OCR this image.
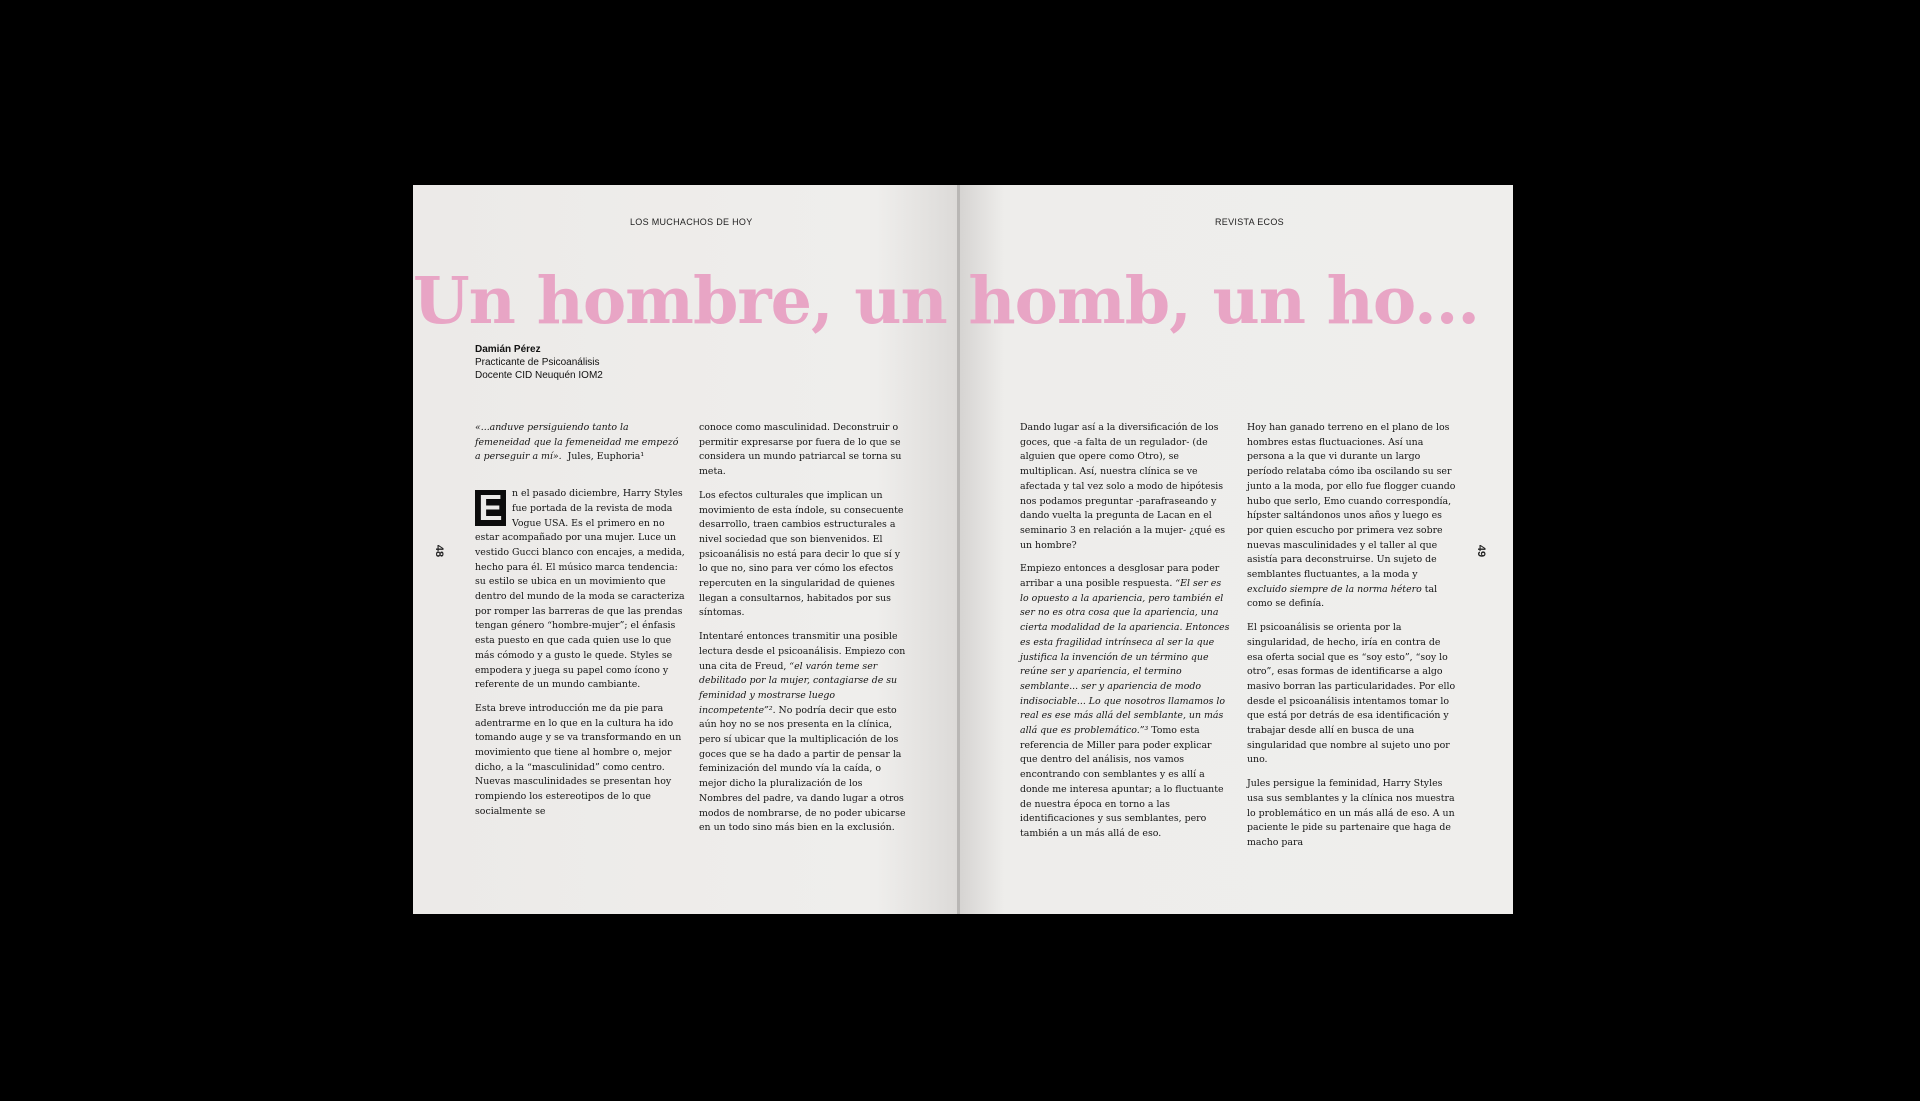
LOS MUCHACHOS DE HOY
Damián Pérez
Practicante de Psicoanálisis
Docente CID Neuquén IOM2
48

«...anduve persiguiendo tanto la femeneidad que la femeneidad me empezó a perseguir a mí». Jules, Euphoria¹

E	n el pasado diciembre, Harry Styles fue portada de la revista de moda Vogue USA. Es el primero en no estar acompañado por una mujer. Luce un vestido Gucci blanco con encajes, a medida, hecho para él. El músico marca tendencia: su estilo se ubica en un movimiento que dentro del mundo de la moda se caracteriza por romper las barreras de que las prendas tengan género “hombre-mujer”; el énfasis esta puesto en que cada quien use lo que más cómodo y a gusto le quede. Styles se empodera y juega su papel como ícono y referente de un mundo cambiante.

Esta breve introducción me da pie para adentrarme en lo que en la cultura ha ido tomando auge y se va transformando en un movimiento que tiene al hombre o, mejor dicho, a la “masculinidad” como centro. Nuevas masculinidades se presentan hoy rompiendo los estereotipos de lo que socialmente se

conoce como masculinidad. Deconstruir o permitir expresarse por fuera de lo que se considera un mundo patriarcal se torna su meta.

Los efectos culturales que implican un movimiento de esta índole, su consecuente desarrollo, traen cambios estructurales a nivel sociedad que son bienvenidos. El psicoanálisis no está para decir lo que sí y lo que no, sino para ver cómo los efectos repercuten en la singularidad de quienes llegan a consultarnos, habitados por sus síntomas.

Intentaré entonces transmitir una posible lectura desde el psicoanálisis. Empiezo con una cita de Freud, “el varón teme ser debilitado por la mujer, contagiarse de su feminidad y mostrarse luego incompetente”². No podría decir que esto aún hoy no se nos presenta en la clínica, pero sí ubicar que la multiplicación de los goces que se ha dado a partir de pensar la feminización del mundo vía la caída, o mejor dicho la pluralización de los Nombres del padre, va dando lugar a otros modos de nombrarse, de no poder ubicarse en un todo sino más bien en la exclusión.

REVISTA ECOS
49

Dando lugar así a la diversificación de los goces, que -a falta de un regulador- (de alguien que opere como Otro), se multiplican. Así, nuestra clínica se ve afectada y tal vez solo a modo de hipótesis nos podamos preguntar -parafraseando y dando vuelta la pregunta de Lacan en el seminario 3 en relación a la mujer- ¿qué es un hombre?

Empiezo entonces a desglosar para poder arribar a una posible respuesta. “El ser es lo opuesto a la apariencia, pero también el ser no es otra cosa que la apariencia, una cierta modalidad de la apariencia. Entonces es esta fragilidad intrínseca al ser la que justifica la invención de un término que reúne ser y apariencia, el termino semblante... ser y apariencia de modo indisociable... Lo que nosotros llamamos lo real es ese más allá del semblante, un más allá que es problemático.”³ Tomo esta referencia de Miller para poder explicar que dentro del análisis, nos vamos encontrando con semblantes y es allí a donde me interesa apuntar; a lo fluctuante de nuestra época en torno a las identificaciones y sus semblantes, pero también a un más allá de eso.

Hoy han ganado terreno en el plano de los hombres estas fluctuaciones. Así una persona a la que vi durante un largo período relataba cómo iba oscilando su ser junto a la moda, por ello fue flogger cuando hubo que serlo, Emo cuando correspondía, hípster saltándonos unos años y luego es por quien escucho por primera vez sobre nuevas masculinidades y el taller al que asistía para deconstruirse. Un sujeto de semblantes fluctuantes, a la moda y excluido siempre de la norma hétero tal como se definía.

El psicoanálisis se orienta por la singularidad, de hecho, iría en contra de esa oferta social que es “soy esto”, “soy lo otro”, esas formas de identificarse a algo masivo borran las particularidades. Por ello desde el psicoanálisis intentamos tomar lo que está por detrás de esa identificación y trabajar desde allí en busca de una singularidad que nombre al sujeto uno por uno.

Jules persigue la feminidad, Harry Styles usa sus semblantes y la clínica nos muestra lo problemático en un más allá de eso. A un paciente le pide su partenaire que haga de macho para

Un hombre, un homb, un ho...
